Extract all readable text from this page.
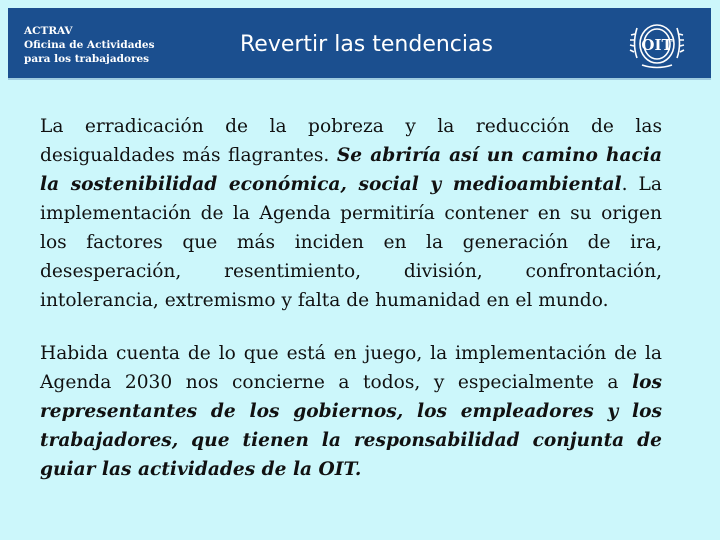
ACTRAV
Oficina de Actividades
para los trabajadores
Revertir las tendencias	OIT

La erradicación de la pobreza y la reducción de las desigualdades más flagrantes. Se abriría así un camino hacia la sostenibilidad económica, social y medioambiental. La implementación de la Agenda permitiría contener en su origen los factores que más inciden en la generación de ira, desesperación, resentimiento, división, confrontación, intolerancia, extremismo y falta de humanidad en el mundo.

Habida cuenta de lo que está en juego, la implementación de la Agenda 2030 nos concierne a todos, y especialmente a los representantes de los gobiernos, los empleadores y los trabajadores, que tienen la responsabilidad conjunta de guiar las actividades de la OIT.
